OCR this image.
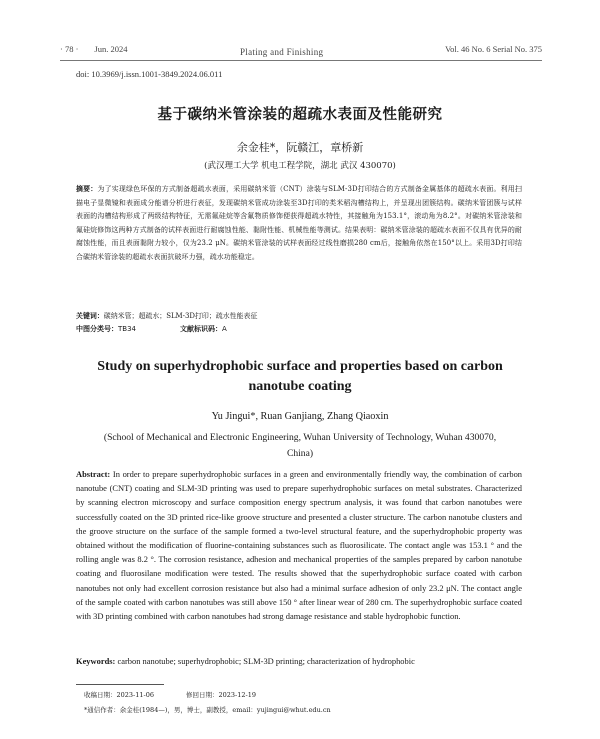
· 78 · Jun. 2024	Plating and Finishing	Vol. 46 No. 6 Serial No. 375
doi: 10.3969/j.issn.1001-3849.2024.06.011
基于碳纳米管涂装的超疏水表面及性能研究
余金桂*，阮赣江，章桥新
(武汉理工大学 机电工程学院，湖北 武汉 430070)
摘要：为了实现绿色环保的方式制备超疏水表面，采用碳纳米管（CNT）涂装与SLM-3D打印结合的方式制备金属基体的超疏水表面。利用扫描电子显微镜和表面成分能谱分析进行表征，发现碳纳米管成功涂装至3D打印的类米稻沟槽结构上，并呈现出团簇结构。碳纳米管团簇与试样表面的沟槽结构形成了两级结构特征，无需氟硅烷等含氟物质修饰便获得超疏水特性，其接触角为153.1°，滚动角为8.2°。对碳纳米管涂装和氟硅烷修饰这两种方式制备的试样表面进行耐腐蚀性能、黏附性能、机械性能等测试。结果表明：碳纳米管涂装的超疏水表面不仅具有优异的耐腐蚀性能，而且表面黏附力较小，仅为23.2 μN。碳纳米管涂装的试样表面经过线性磨损280 cm后，接触角依然在150°以上。采用3D打印结合碳纳米管涂装的超疏水表面抗破坏力强，疏水功能稳定。
关键词：碳纳米管；超疏水；SLM-3D打印；疏水性能表征
中图分类号：TB34	文献标识码：A
Study on superhydrophobic surface and properties based on carbon nanotube coating
Yu Jingui*, Ruan Ganjiang, Zhang Qiaoxin
(School of Mechanical and Electronic Engineering, Wuhan University of Technology, Wuhan 430070, China)
Abstract: In order to prepare superhydrophobic surfaces in a green and environmentally friendly way, the combination of carbon nanotube (CNT) coating and SLM-3D printing was used to prepare superhydrophobic surfaces on metal substrates. Characterized by scanning electron microscopy and surface composition energy spectrum analysis, it was found that carbon nanotubes were successfully coated on the 3D printed rice-like groove structure and presented a cluster structure. The carbon nanotube clusters and the groove structure on the surface of the sample formed a two-level structural feature, and the superhydrophobic property was obtained without the modification of fluorine-containing substances such as fluorosilicate. The contact angle was 153.1 ° and the rolling angle was 8.2 °. The corrosion resistance, adhesion and mechanical properties of the samples prepared by carbon nanotube coating and fluorosilane modification were tested. The results showed that the superhydrophobic surface coated with carbon nanotubes not only had excellent corrosion resistance but also had a minimal surface adhesion of only 23.2 μN. The contact angle of the sample coated with carbon nanotubes was still above 150 ° after linear wear of 280 cm. The superhydrophobic surface coated with 3D printing combined with carbon nanotubes had strong damage resistance and stable hydrophobic function.
Keywords: carbon nanotube; superhydrophobic; SLM-3D printing; characterization of hydrophobic
收稿日期：2023-11-06	修回日期：2023-12-19
*通信作者：余金桂(1984—)，男，博士，副教授，email：yujingui@whut.edu.cn
